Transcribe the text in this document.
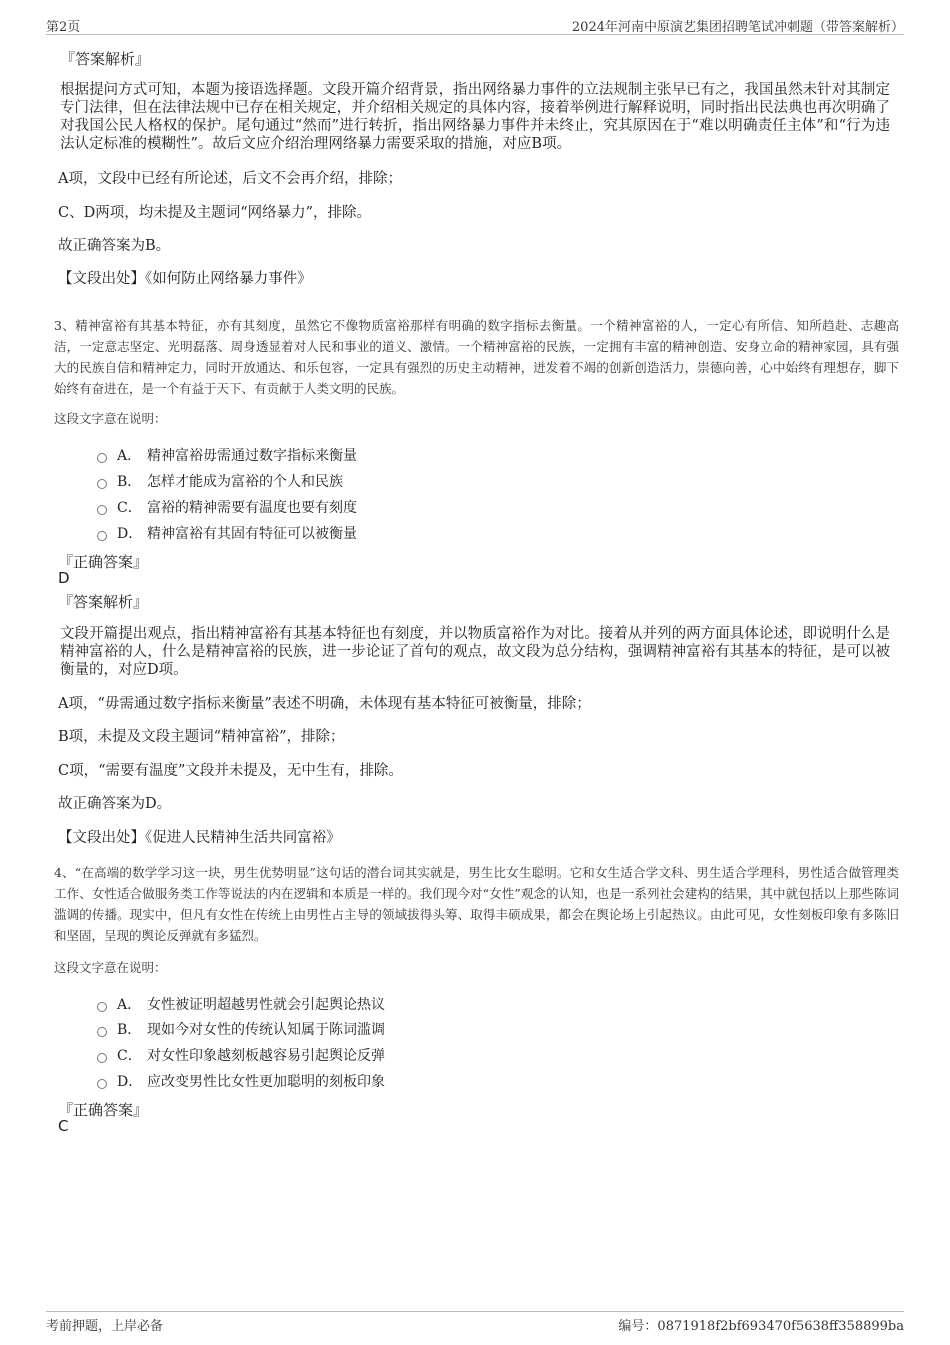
第2页	2024年河南中原演艺集团招聘笔试冲刺题（带答案解析）
『答案解析』
根据提问方式可知，本题为接语选择题。文段开篇介绍背景，指出网络暴力事件的立法规制主张早已有之，我国虽然未针对其制定专门法律，但在法律法规中已存在相关规定，并介绍相关规定的具体内容，接着举例进行解释说明，同时指出民法典也再次明确了对我国公民人格权的保护。尾句通过“然而”进行转折，指出网络暴力事件并未终止，究其原因在于“难以明确责任主体”和“行为违法认定标准的模糊性”。故后文应介绍治理网络暴力需要采取的措施，对应B项。
A项，文段中已经有所论述，后文不会再介绍，排除；
C、D两项，均未提及主题词“网络暴力”，排除。
故正确答案为B。
【文段出处】《如何防止网络暴力事件》
3、精神富裕有其基本特征，亦有其刻度，虽然它不像物质富裕那样有明确的数字指标去衡量。一个精神富裕的人，一定心有所信、知所趋赴、志趣高洁，一定意志坚定、光明磊落、周身透显着对人民和事业的道义、激情。一个精神富裕的民族，一定拥有丰富的精神创造、安身立命的精神家园，具有强大的民族自信和精神定力，同时开放通达、和乐包容，一定具有强烈的历史主动精神，迸发着不竭的创新创造活力，崇德向善，心中始终有理想存，脚下始终有奋进在，是一个有益于天下、有贡献于人类文明的民族。
这段文字意在说明：
A． 精神富裕毋需通过数字指标来衡量
B． 怎样才能成为富裕的个人和民族
C． 富裕的精神需要有温度也要有刻度
D． 精神富裕有其固有特征可以被衡量
『正确答案』
D
『答案解析』
文段开篇提出观点，指出精神富裕有其基本特征也有刻度，并以物质富裕作为对比。接着从并列的两方面具体论述，即说明什么是精神富裕的人，什么是精神富裕的民族，进一步论证了首句的观点，故文段为总分结构，强调精神富裕有其基本的特征，是可以被衡量的，对应D项。
A项，“毋需通过数字指标来衡量”表述不明确，未体现有基本特征可被衡量，排除；
B项，未提及文段主题词“精神富裕”，排除；
C项，“需要有温度”文段并未提及，无中生有，排除。
故正确答案为D。
【文段出处】《促进人民精神生活共同富裕》
4、“在高端的数学学习这一块，男生优势明显”这句话的潜台词其实就是，男生比女生聪明。它和女生适合学文科、男生适合学理科，男性适合做管理类工作、女性适合做服务类工作等说法的内在逻辑和本质是一样的。我们现今对“女性”观念的认知，也是一系列社会建构的结果，其中就包括以上那些陈词滥调的传播。现实中，但凡有女性在传统上由男性占主导的领域拔得头筹、取得丰硕成果，都会在舆论场上引起热议。由此可见，女性刻板印象有多陈旧和坚固，呈现的舆论反弹就有多猛烈。
这段文字意在说明：
A． 女性被证明超越男性就会引起舆论热议
B． 现如今对女性的传统认知属于陈词滥调
C． 对女性印象越刻板越容易引起舆论反弹
D． 应改变男性比女性更加聪明的刻板印象
『正确答案』
C
考前押题，上岸必备	编号：0871918f2bf693470f5638ff358899ba
